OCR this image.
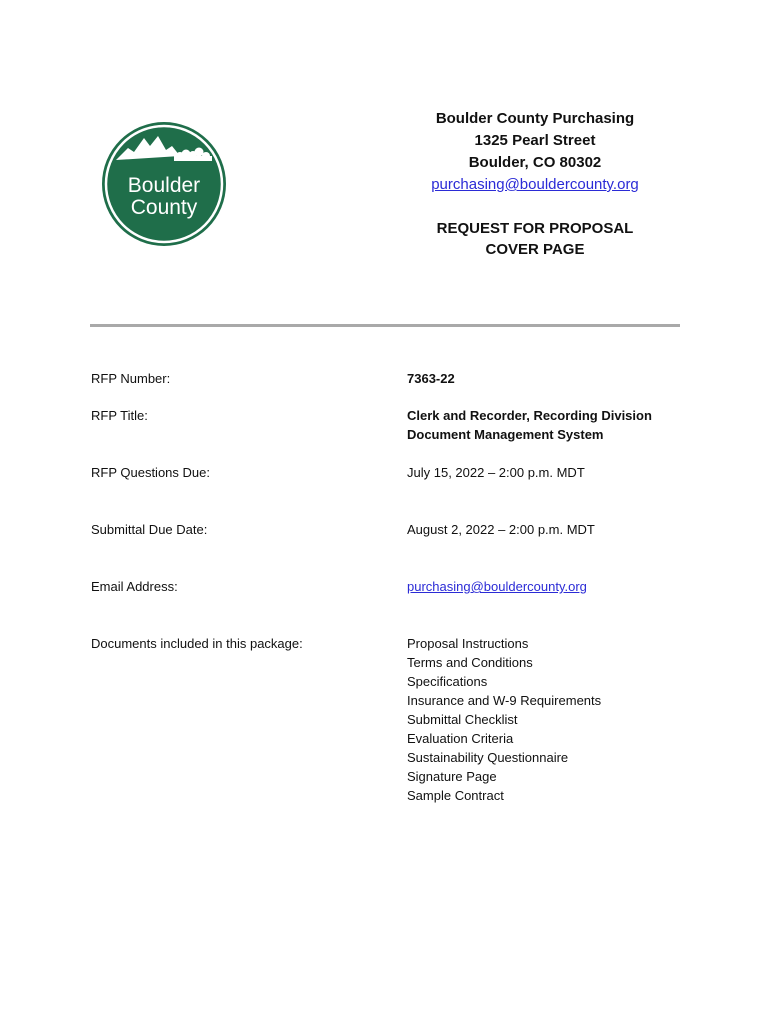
Boulder
County
Boulder County Purchasing
1325 Pearl Street
Boulder, CO 80302
purchasing@bouldercounty.org
REQUEST FOR PROPOSAL
COVER PAGE
RFP Number:	7363-22
RFP Title:	Clerk and Recorder, Recording Division
Document Management System
RFP Questions Due:	July 15, 2022 – 2:00 p.m. MDT
Submittal Due Date:	August 2, 2022 – 2:00 p.m. MDT
Email Address:	purchasing@bouldercounty.org
Documents included in this package:	Proposal Instructions
Terms and Conditions
Specifications
Insurance and W-9 Requirements
Submittal Checklist
Evaluation Criteria
Sustainability Questionnaire
Signature Page
Sample Contract
